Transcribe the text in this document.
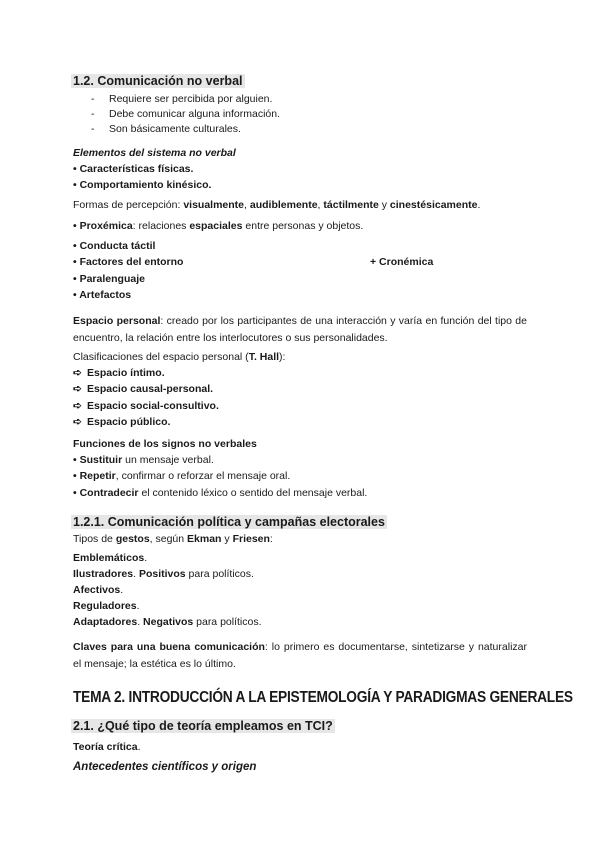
1.2. Comunicación no verbal
- Requiere ser percibida por alguien.
- Debe comunicar alguna información.
- Son básicamente culturales.
Elementos del sistema no verbal
• Características físicas.
• Comportamiento kinésico.
Formas de percepción: visualmente, audiblemente, táctilmente y cinestésicamente.
• Proxémica: relaciones espaciales entre personas y objetos.
• Conducta táctil
• Factores del entorno	+ Cronémica
• Paralenguaje
• Artefactos
Espacio personal: creado por los participantes de una interacción y varía en función del tipo de encuentro, la relación entre los interlocutores o sus personalidades.
Clasificaciones del espacio personal (T. Hall):
➪ Espacio íntimo.
➪ Espacio causal-personal.
➪ Espacio social-consultivo.
➪ Espacio público.
Funciones de los signos no verbales
• Sustituir un mensaje verbal.
• Repetir, confirmar o reforzar el mensaje oral.
• Contradecir el contenido léxico o sentido del mensaje verbal.
1.2.1. Comunicación política y campañas electorales
Tipos de gestos, según Ekman y Friesen:
Emblemáticos.
Ilustradores. Positivos para políticos.
Afectivos.
Reguladores.
Adaptadores. Negativos para políticos.
Claves para una buena comunicación: lo primero es documentarse, sintetizarse y naturalizar el mensaje; la estética es lo último.
TEMA 2. INTRODUCCIÓN A LA EPISTEMOLOGÍA Y PARADIGMAS GENERALES
2.1. ¿Qué tipo de teoría empleamos en TCI?
Teoría crítica.
Antecedentes científicos y origen
